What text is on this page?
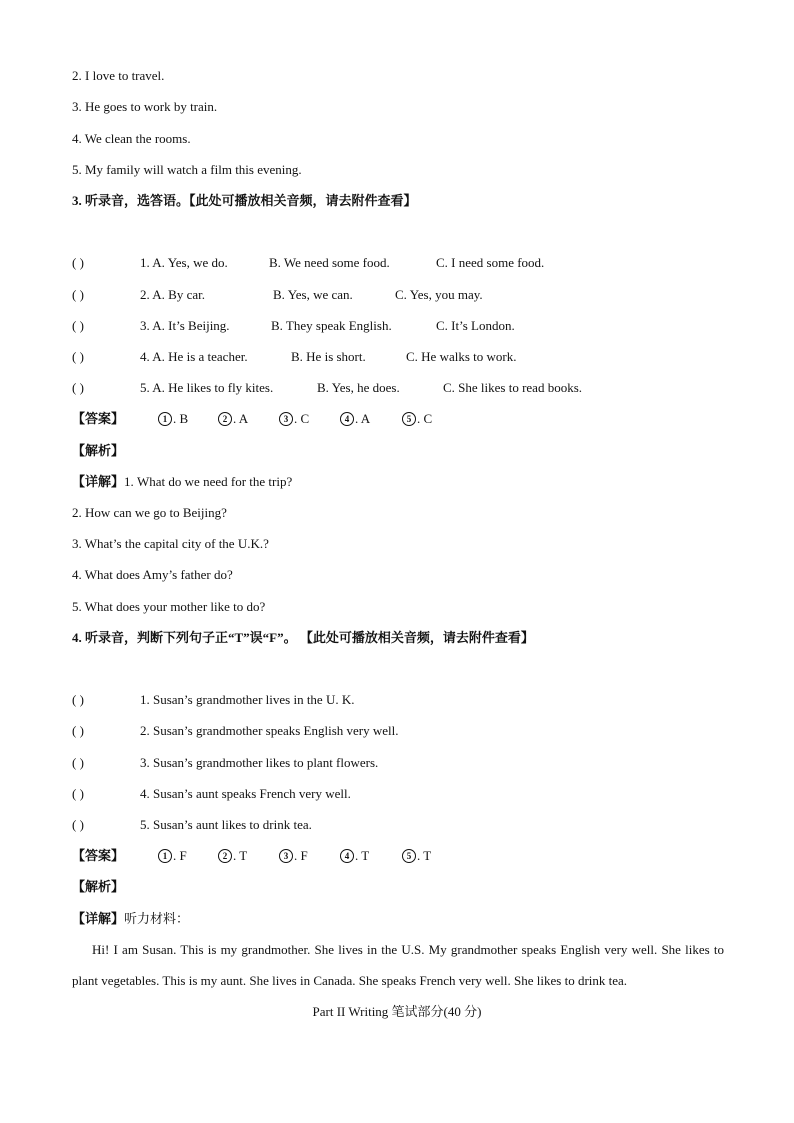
2. I love to travel.
3. He goes to work by train.
4. We clean the rooms.
5. My family will watch a film this evening.
3. 听录音，选答语。【此处可播放相关音频，请去附件查看】
( )	1. A. Yes, we do.	B. We need some food.	C. I need some food.
( )	2. A. By car.	B. Yes, we can.	C. Yes, you may.
( )	3. A. It’s Beijing.	B. They speak English.	C. It’s London.
( )	4. A. He is a teacher.	B. He is short.	C. He walks to work.
( )	5. A. He likes to fly kites.	B. Yes, he does.	C. She likes to read books.
【答案】	1 . B	2 . A	3 . C	4 . A	5 . C
【解析】
【详解】1. What do we need for the trip?
2. How can we go to Beijing?
3. What’s the capital city of the U.K.?
4. What does Amy’s father do?
5. What does your mother like to do?
4. 听录音，判断下列句子正“T”误“F”。 【此处可播放相关音频，请去附件查看】
( )	1. Susan’s grandmother lives in the U. K.
( )	2. Susan’s grandmother speaks English very well.
( )	3. Susan’s grandmother likes to plant flowers.
( )	4. Susan’s aunt speaks French very well.
( )	5. Susan’s aunt likes to drink tea.
【答案】	1 . F	2 . T	3 . F	4 . T	5 . T
【解析】
【详解】听力材料：
Hi! I am Susan. This is my grandmother. She lives in the U.S. My grandmother speaks English very well. She likes to plant vegetables. This is my aunt. She lives in Canada. She speaks French very well. She likes to drink tea.
Part II Writing 笔试部分(40 分)
